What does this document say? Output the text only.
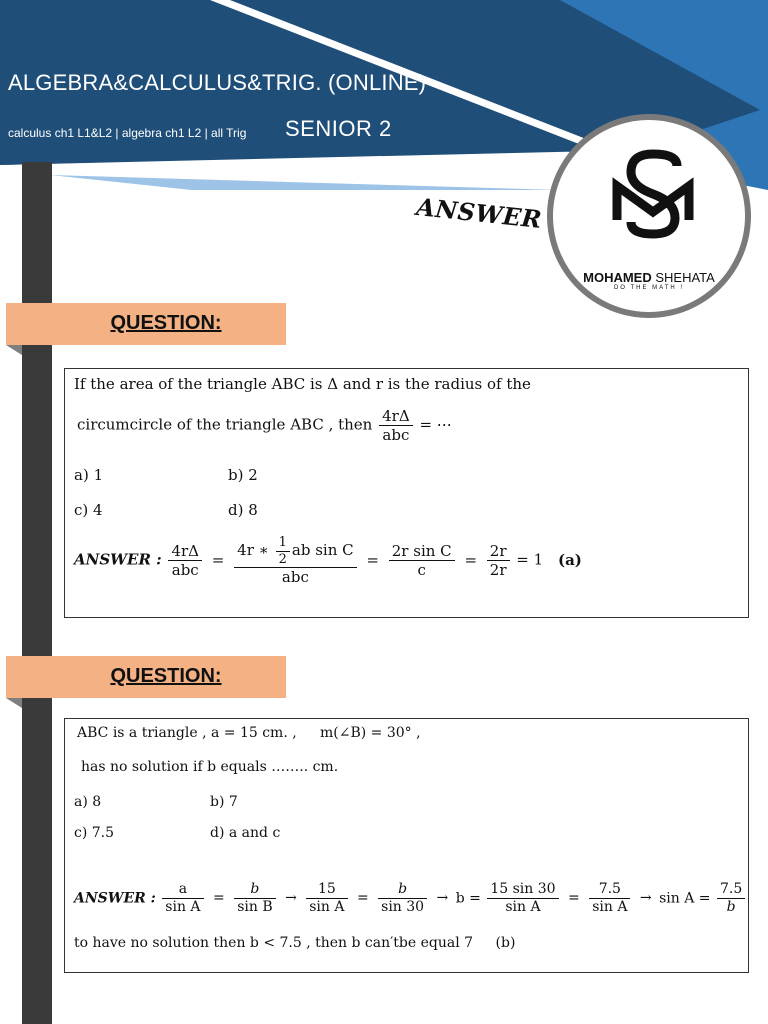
ALGEBRA&CALCULUS&TRIG. (ONLINE)
calculus ch1 L1&L2 | algebra ch1 L2 | all Trig SENIOR 2
ANSWER
MOHAMED SHEHATA
DO THE MATH !
QUESTION:
If the area of the triangle ABC is Δ and r is the radius of the
circumcircle of the triangle ABC , then $\frac{4r\Delta}{\text{abc}}$ = ⋯
a) 1	b) 2
c) 4	d) 8
ANSWER : $\frac{4r\Delta}{\text{abc}} = \frac{4r ∗ \frac{1}{2} ab \sin C}{\text{abc}} = \frac{\text{2r sin C}}{c} = \frac{2r}{2r} = 1$ (a)
QUESTION:
ABC is a triangle , a = 15 cm. , m(∠B) = 30° ,
has no solution if b equals …….. cm.
a) 8	b) 7
c) 7.5	d) a and c
ANSWER : $\frac{a}{\text{sin A}} = \frac{b}{\text{sin B}} \to \frac{15}{\text{sin A}} = \frac{b}{\sin 30} \to b = \frac{15 \sin 30}{\text{sin A}} = \frac{7.5}{\text{sin A}} \to \sin A = \frac{7.5}{b}$
to have no solution then b < 7.5 , then b can′tbe equal 7 (b)
